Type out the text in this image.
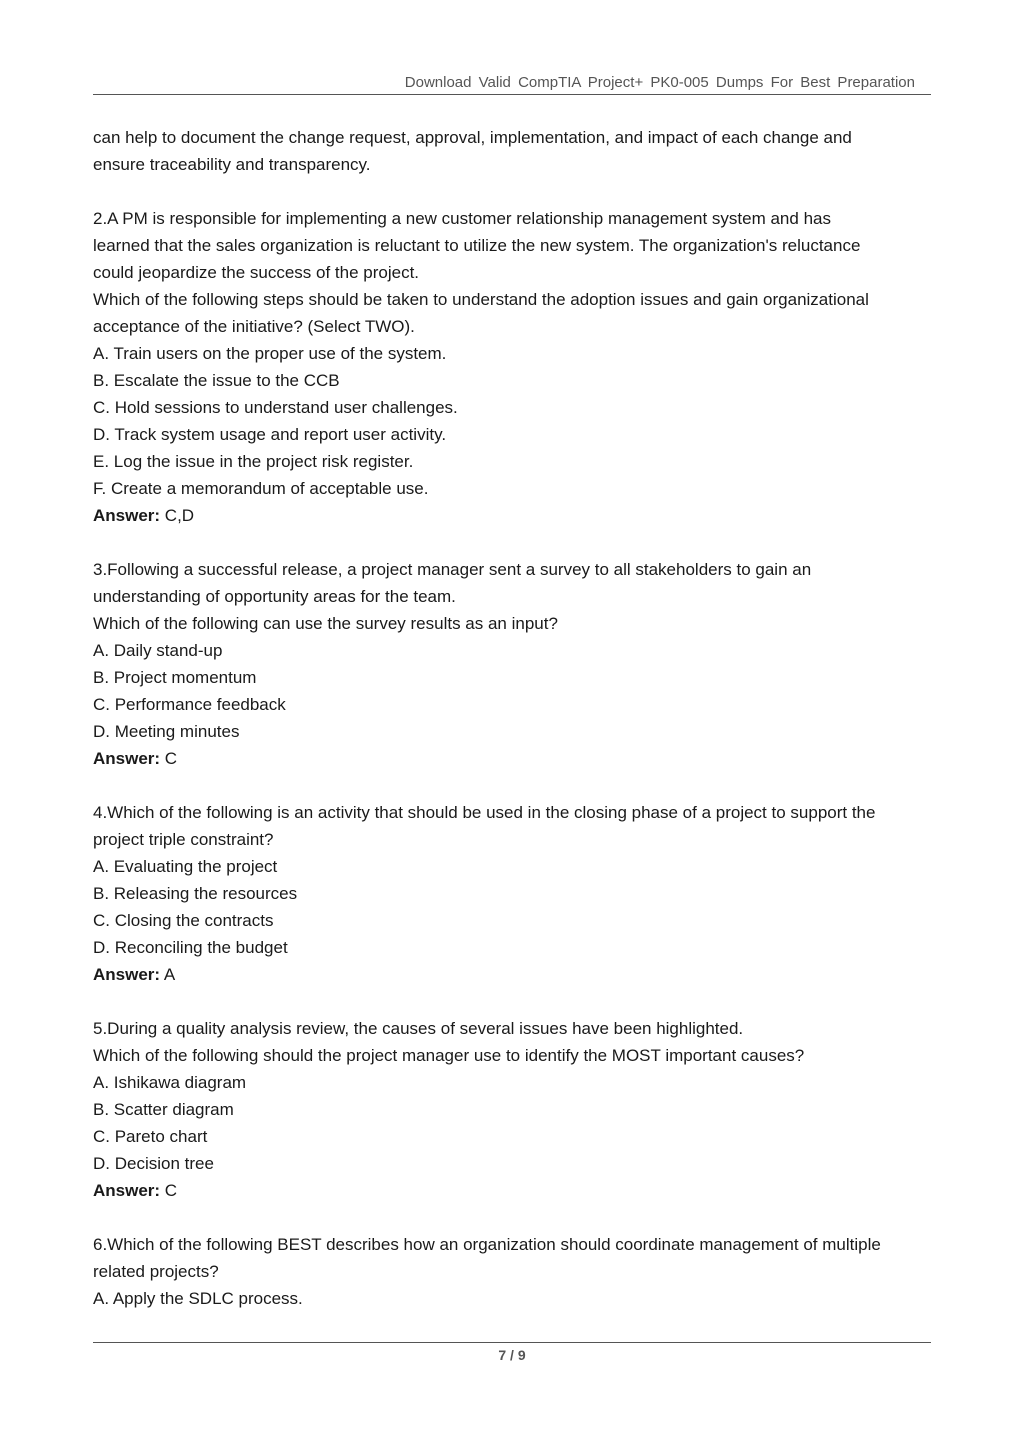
Download Valid CompTIA Project+ PK0-005 Dumps For Best Preparation
can help to document the change request, approval, implementation, and impact of each change and
ensure traceability and transparency.
2.A PM is responsible for implementing a new customer relationship management system and has
learned that the sales organization is reluctant to utilize the new system. The organization's reluctance
could jeopardize the success of the project.
Which of the following steps should be taken to understand the adoption issues and gain organizational
acceptance of the initiative? (Select TWO).
A. Train users on the proper use of the system.
B. Escalate the issue to the CCB
C. Hold sessions to understand user challenges.
D. Track system usage and report user activity.
E. Log the issue in the project risk register.
F. Create a memorandum of acceptable use.
Answer: C,D
3.Following a successful release, a project manager sent a survey to all stakeholders to gain an
understanding of opportunity areas for the team.
Which of the following can use the survey results as an input?
A. Daily stand-up
B. Project momentum
C. Performance feedback
D. Meeting minutes
Answer: C
4.Which of the following is an activity that should be used in the closing phase of a project to support the
project triple constraint?
A. Evaluating the project
B. Releasing the resources
C. Closing the contracts
D. Reconciling the budget
Answer: A
5.During a quality analysis review, the causes of several issues have been highlighted.
Which of the following should the project manager use to identify the MOST important causes?
A. Ishikawa diagram
B. Scatter diagram
C. Pareto chart
D. Decision tree
Answer: C
6.Which of the following BEST describes how an organization should coordinate management of multiple
related projects?
A. Apply the SDLC process.
7 / 9
